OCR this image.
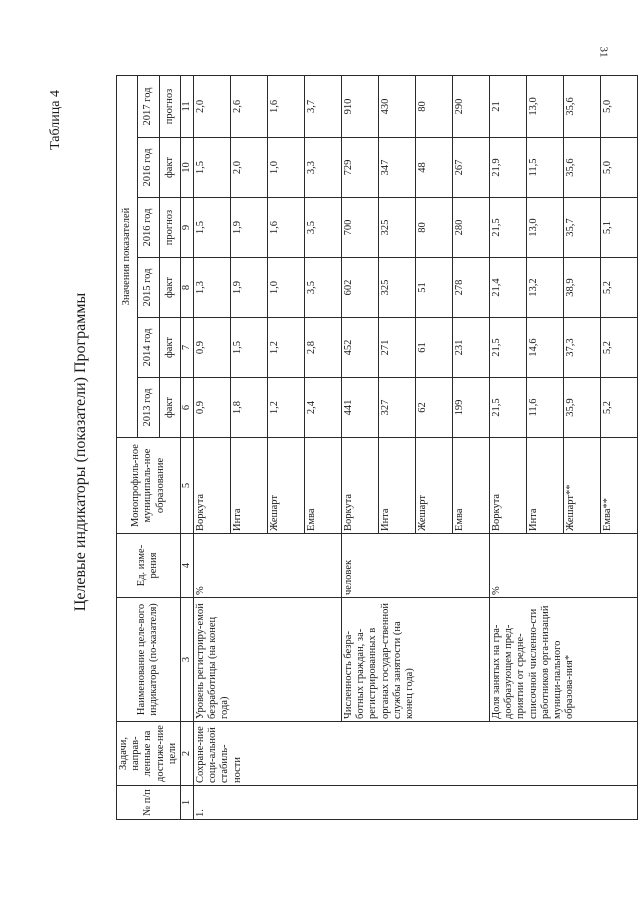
31
Таблица 4
Целевые индикаторы (показатели) Программы
№ п/п	Задачи, направ-ленные на достиже-ние цели	Наименование целе-вого индикатора (по-казателя)	Ед. изме-рения	Монопрофиль-ное муниципаль-ное образование	Значения показателей					
					2013 год	2014 год	2015 год	2016 год	2016 год	2017 год
					факт	факт	факт	прогноз	факт	прогноз
1	2	3	4	5	6	7	8	9	10	11
1.	Сохране-ние соци-альной стабиль-ности	Уровень регистриру-емой безработицы (на конец года)	%	Воркута	0,9	0,9	1,3	1,5	1,5	2,0
				Инта	1,8	1,5	1,9	1,9	2,0	2,6
				Жешарт	1,2	1,2	1,0	1,6	1,0	1,6
				Емва	2,4	2,8	3,5	3,5	3,3	3,7
		Численность безра-ботных граждан, за-регистрированных в органах государ-ственной службы занятости (на конец года)	человек	Воркута	441	452	602	700	729	910
				Инта	327	271	325	325	347	430
				Жешарт	62	61	51	80	48	80
				Емва	199	231	278	280	267	290
		Доля занятых на гра-дообразующем пред-приятии от средне-списочной численно-сти работников орга-низаций муници-пального образова-ния*	%	Воркута	21,5	21,5	21,4	21,5	21,9	21
				Инта	11,6	14,6	13,2	13,0	11,5	13,0
				Жешарт**	35,9	37,3	38,9	35,7	35,6	35,6
				Емва**	5,2	5,2	5,2	5,1	5,0	5,0
